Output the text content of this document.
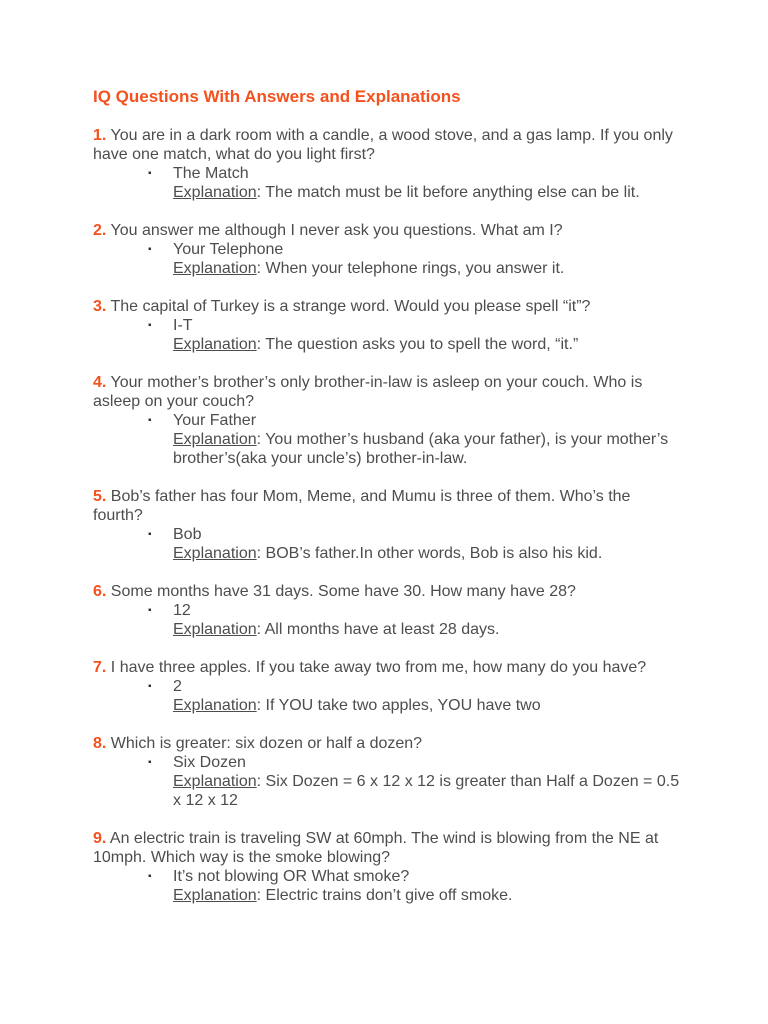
IQ Questions With Answers and Explanations
1. You are in a dark room with a candle, a wood stove, and a gas lamp. If you only have one match, what do you light first?
▪ The Match
Explanation: The match must be lit before anything else can be lit.
2. You answer me although I never ask you questions. What am I?
▪ Your Telephone
Explanation: When your telephone rings, you answer it.
3. The capital of Turkey is a strange word. Would you please spell “it”?
▪ I-T
Explanation: The question asks you to spell the word, “it.”
4. Your mother’s brother’s only brother-in-law is asleep on your couch. Who is asleep on your couch?
▪ Your Father
Explanation: You mother’s husband (aka your father), is your mother’s brother’s(aka your uncle’s) brother-in-law.
5. Bob’s father has four Mom, Meme, and Mumu is three of them. Who’s the fourth?
▪ Bob
Explanation: BOB’s father.In other words, Bob is also his kid.
6. Some months have 31 days. Some have 30. How many have 28?
▪ 12
Explanation: All months have at least 28 days.
7. I have three apples. If you take away two from me, how many do you have?
▪ 2
Explanation: If YOU take two apples, YOU have two
8. Which is greater: six dozen or half a dozen?
▪ Six Dozen
Explanation: Six Dozen = 6 x 12 x 12 is greater than Half a Dozen = 0.5 x 12 x 12
9. An electric train is traveling SW at 60mph. The wind is blowing from the NE at 10mph. Which way is the smoke blowing?
▪ It’s not blowing OR What smoke?
Explanation: Electric trains don’t give off smoke.
